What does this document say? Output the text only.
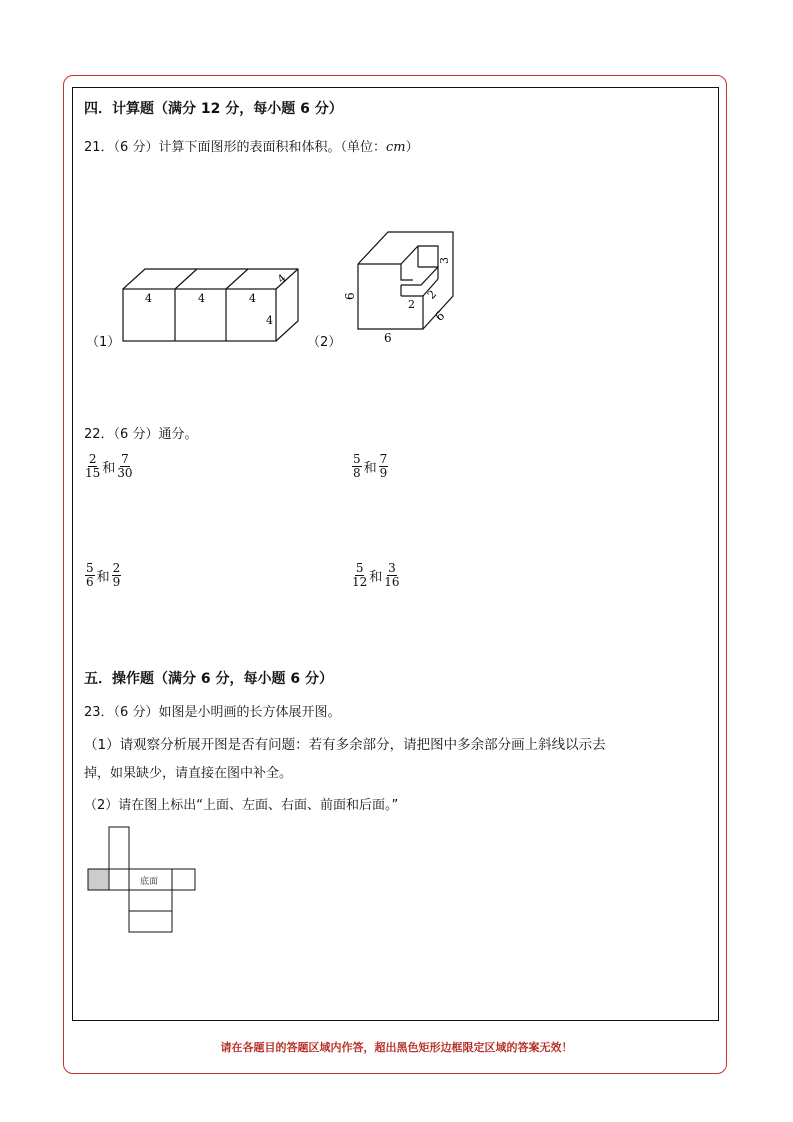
四．计算题（满分 12 分，每小题 6 分）
21．（6 分）计算下面图形的表面积和体积。（单位：cm）
（1）	（2）
4	4	4
4
4
6
6
6
3
2
2
22．（6 分）通分。
$\frac{2}{15}$ 和 $\frac{7}{30}$	$\frac{5}{8}$ 和 $\frac{7}{9}$
$\frac{5}{6}$ 和 $\frac{2}{9}$	$\frac{5}{12}$ 和 $\frac{3}{16}$
五．操作题（满分 6 分，每小题 6 分）
23．（6 分）如图是小明画的长方体展开图。
（1）请观察分析展开图是否有问题：若有多余部分，请把图中多余部分画上斜线以示去
掉，如果缺少，请直接在图中补全。
（2）请在图上标出“上面、左面、右面、前面和后面。”
底面
请在各题目的答题区域内作答，超出黑色矩形边框限定区域的答案无效！
